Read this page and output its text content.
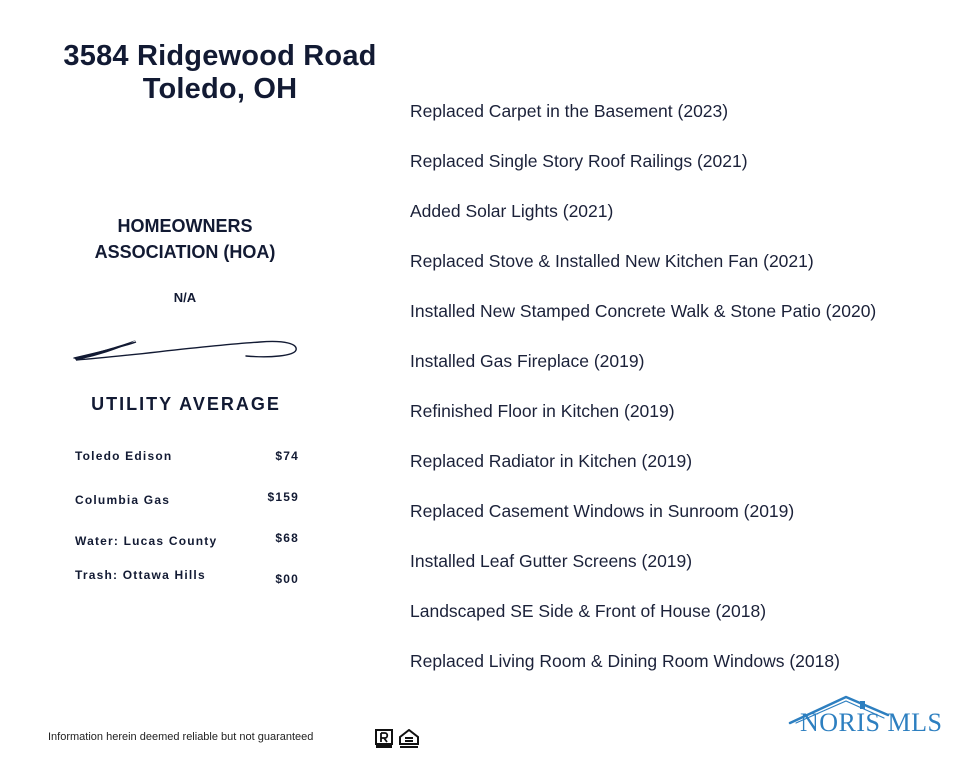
3584 Ridgewood Road
Toledo, OH
HOMEOWNERS
ASSOCIATION (HOA)
N/A
UTILITY AVERAGE
Toledo Edison	$74
Columbia Gas	$159
Water: Lucas County	$68
Trash: Ottawa Hills	$00
Replaced Carpet in the Basement (2023)
Replaced Single Story Roof Railings (2021)
Added Solar Lights (2021)
Replaced Stove & Installed New Kitchen Fan (2021)
Installed New Stamped Concrete Walk & Stone Patio (2020)
Installed Gas Fireplace (2019)
Refinished Floor in Kitchen (2019)
Replaced Radiator in Kitchen (2019)
Replaced Casement Windows in Sunroom (2019)
Installed Leaf Gutter Screens (2019)
Landscaped SE Side & Front of House (2018)
Replaced Living Room & Dining Room Windows (2018)
Information herein deemed reliable but not guaranteed	NORIS MLS
